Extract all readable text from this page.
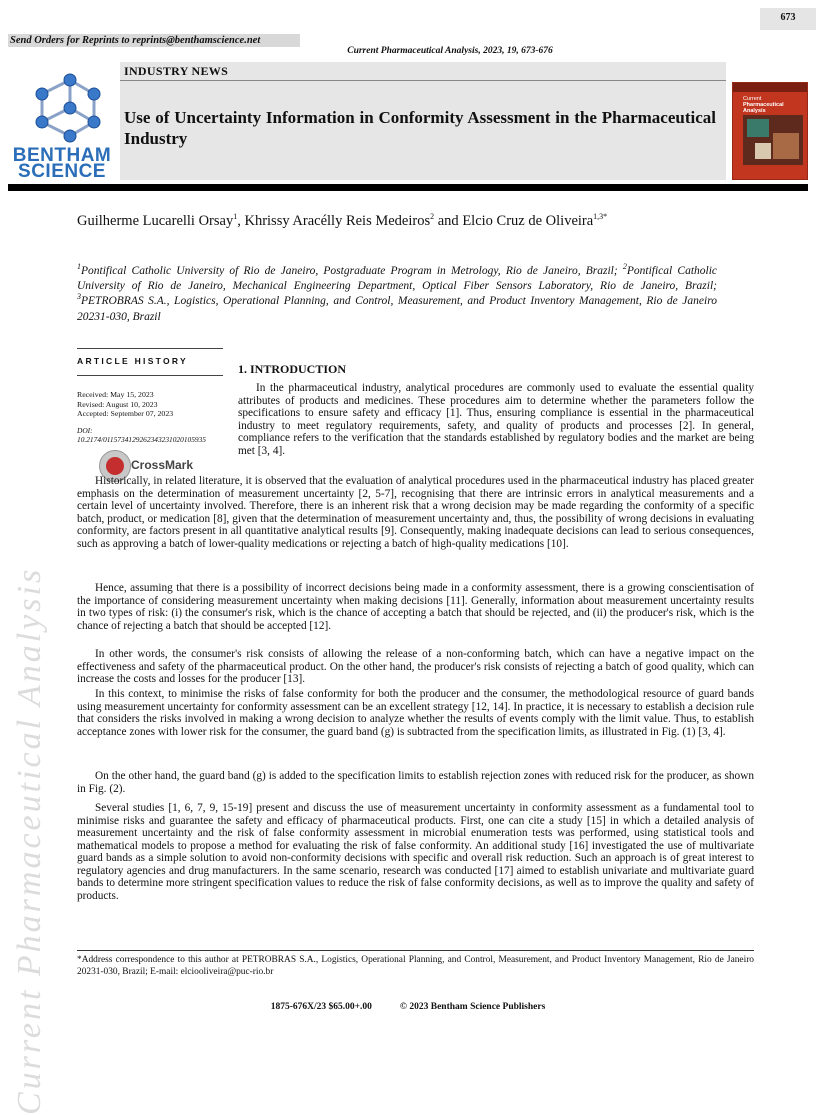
673
Send Orders for Reprints to reprints@benthamscience.net
Current Pharmaceutical Analysis, 2023, 19, 673-676
BENTHAM
SCIENCE
INDUSTRY NEWS
Use of Uncertainty Information in Conformity Assessment in the Pharmaceutical Industry
Current
Pharmaceutical Analysis
Guilherme Lucarelli Orsay$^1$, Khrissy Aracélly Reis Medeiros$^2$ and Elcio Cruz de Oliveira$^{1,3*}$
$^1$Pontifical Catholic University of Rio de Janeiro, Postgraduate Program in Metrology, Rio de Janeiro, Brazil; $^2$Pontifical Catholic University of Rio de Janeiro, Mechanical Engineering Department, Optical Fiber Sensors Laboratory, Rio de Janeiro, Brazil; $^3$PETROBRAS S.A., Logistics, Operational Planning, and Control, Measurement, and Product Inventory Management, Rio de Janeiro 20231-030, Brazil
Current Pharmaceutical Analysis
ARTICLE HISTORY
Received: May 15, 2023
Revised: August 10, 2023
Accepted: September 07, 2023
DOI:
10.2174/0115734129262343231020105935
CrossMark
1. INTRODUCTION
In the pharmaceutical industry, analytical procedures are commonly used to evaluate the essential quality attributes of products and medicines. These procedures aim to determine whether the parameters follow the specifications to ensure safety and efficacy [1]. Thus, ensuring compliance is essential in the pharmaceutical industry to meet regulatory requirements, safety, and quality of products and processes [2]. In general, compliance refers to the verification that the standards established by regulatory bodies and the market are being met [3, 4].
Historically, in related literature, it is observed that the evaluation of analytical procedures used in the pharmaceutical industry has placed greater emphasis on the determination of measurement uncertainty [2, 5-7], recognising that there are intrinsic errors in analytical measurements and a certain level of uncertainty involved. Therefore, there is an inherent risk that a wrong decision may be made regarding the conformity of a specific batch, product, or medication [8], given that the determination of measurement uncertainty and, thus, the possibility of wrong decisions in evaluating conformity, are factors present in all quantitative analytical results [9]. Consequently, making inadequate decisions can lead to serious consequences, such as approving a batch of lower-quality medications or rejecting a batch of high-quality medications [10].
Hence, assuming that there is a possibility of incorrect decisions being made in a conformity assessment, there is a growing conscientisation of the importance of considering measurement uncertainty when making decisions [11]. Generally, information about measurement uncertainty results in two types of risk: (i) the consumer's risk, which is the chance of accepting a batch that should be rejected, and (ii) the producer's risk, which is the chance of rejecting a batch that should be accepted [12].
In other words, the consumer's risk consists of allowing the release of a non-conforming batch, which can have a negative impact on the effectiveness and safety of the pharmaceutical product. On the other hand, the producer's risk consists of rejecting a batch of good quality, which can increase the costs and losses for the producer [13].
In this context, to minimise the risks of false conformity for both the producer and the consumer, the methodological resource of guard bands using measurement uncertainty for conformity assessment can be an excellent strategy [12, 14]. In practice, it is necessary to establish a decision rule that considers the risks involved in making a wrong decision to analyze whether the results of events comply with the limit value. Thus, to establish acceptance zones with lower risk for the consumer, the guard band (g) is subtracted from the specification limits, as illustrated in Fig. (1) [3, 4].
On the other hand, the guard band (g) is added to the specification limits to establish rejection zones with reduced risk for the producer, as shown in Fig. (2).
Several studies [1, 6, 7, 9, 15-19] present and discuss the use of measurement uncertainty in conformity assessment as a fundamental tool to minimise risks and guarantee the safety and efficacy of pharmaceutical products. First, one can cite a study [15] in which a detailed analysis of measurement uncertainty and the risk of false conformity assessment in microbial enumeration tests was performed, using statistical tools and mathematical models to propose a method for evaluating the risk of false conformity. An additional study [16] investigated the use of multivariate guard bands as a simple solution to avoid non-conformity decisions with specific and overall risk reduction. Such an approach is of great interest to regulatory agencies and drug manufacturers. In the same scenario, research was conducted [17] aimed to establish univariate and multivariate guard bands to determine more stringent specification values to reduce the risk of false conformity decisions, as well as to improve the quality and safety of products.
*Address correspondence to this author at PETROBRAS S.A., Logistics, Operational Planning, and Control, Measurement, and Product Inventory Management, Rio de Janeiro 20231-030, Brazil; E-mail: elciooliveira@puc-rio.br
1875-676X/23 $65.00+.00	© 2023 Bentham Science Publishers
